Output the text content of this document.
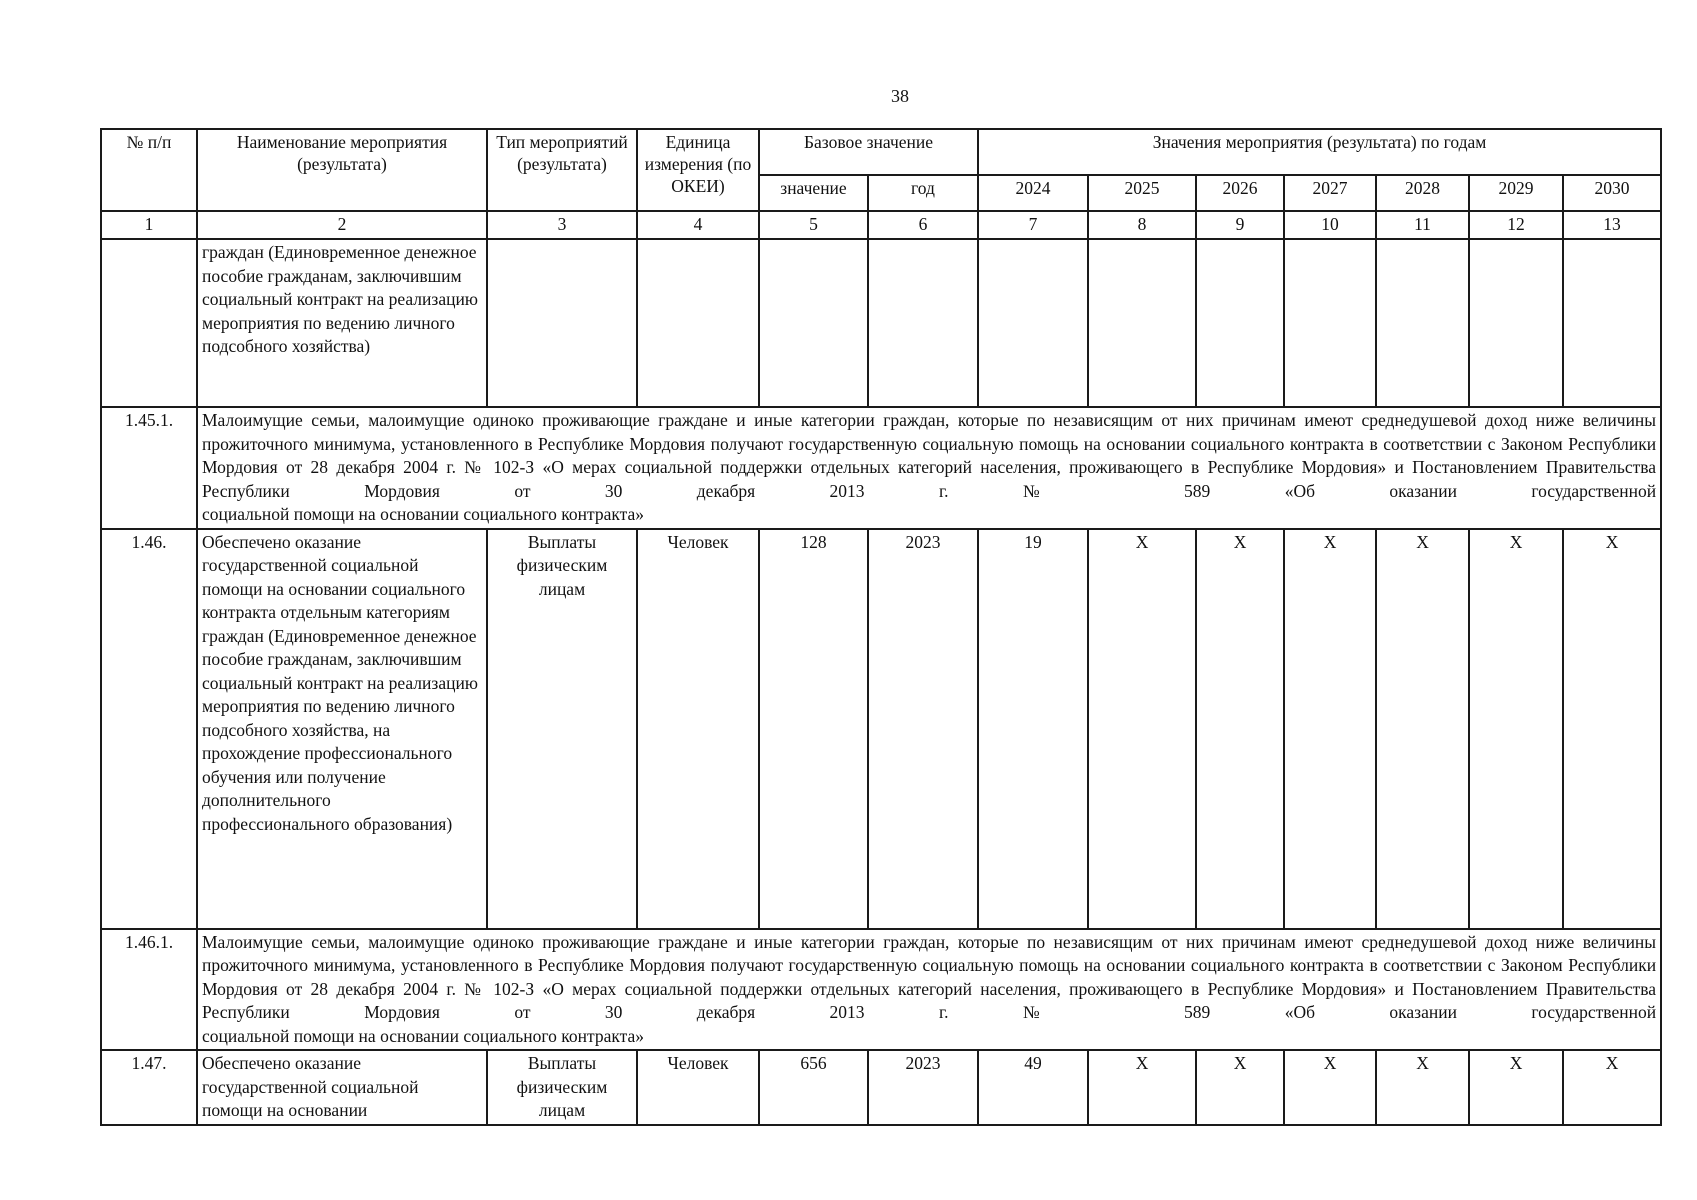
38
№ п/п	Наименование мероприятия (результата)	Тип мероприятий (результата)	Единица измерения (по ОКЕИ)	Базовое значение		Значения мероприятия (результата) по годам						
				значение	год	2024	2025	2026	2027	2028	2029	2030
1	2	3	4	5	6	7	8	9	10	11	12	13
	граждан (Единовременное денежное пособие гражданам, заключившим социальный контракт на реализацию мероприятия по ведению личного подсобного хозяйства)											
1.45.1.	Малоимущие семьи, малоимущие одиноко проживающие граждане и иные категории граждан, которые по независящим от них причинам имеют среднедушевой доход ниже величины прожиточного минимума, установленного в Республике Мордовия получают государственную социальную помощь на основании социального контракта в соответствии с Законом Республики Мордовия от 28 декабря 2004 г. № 102-З «О мерах социальной поддержки отдельных категорий населения, проживающего в Республике Мордовия» и Постановлением Правительства Республики Мордовия от 30 декабря 2013 г. № 589 «Об оказании государственной
социальной помощи на основании социального контракта»											

1.46.	Обеспечено оказание государственной социальной помощи на основании социального контракта отдельным категориям граждан (Единовременное денежное пособие гражданам, заключившим социальный контракт на реализацию мероприятия по ведению личного подсобного хозяйства, на прохождение профессионального обучения или получение дополнительного профессионального образования)	Выплаты физическим лицам	Человек	128	2023	19	X	X	X	X	X	X
1.46.1.	Малоимущие семьи, малоимущие одиноко проживающие граждане и иные категории граждан, которые по независящим от них причинам имеют среднедушевой доход ниже величины прожиточного минимума, установленного в Республике Мордовия получают государственную социальную помощь на основании социального контракта в соответствии с Законом Республики Мордовия от 28 декабря 2004 г. № 102-З «О мерах социальной поддержки отдельных категорий населения, проживающего в Республике Мордовия» и Постановлением Правительства Республики Мордовия от 30 декабря 2013 г. № 589 «Об оказании государственной
социальной помощи на основании социального контракта»											

1.47.	Обеспечено оказание государственной социальной помощи на основании	Выплаты физическим лицам	Человек	656	2023	49	X	X	X	X	X	X
